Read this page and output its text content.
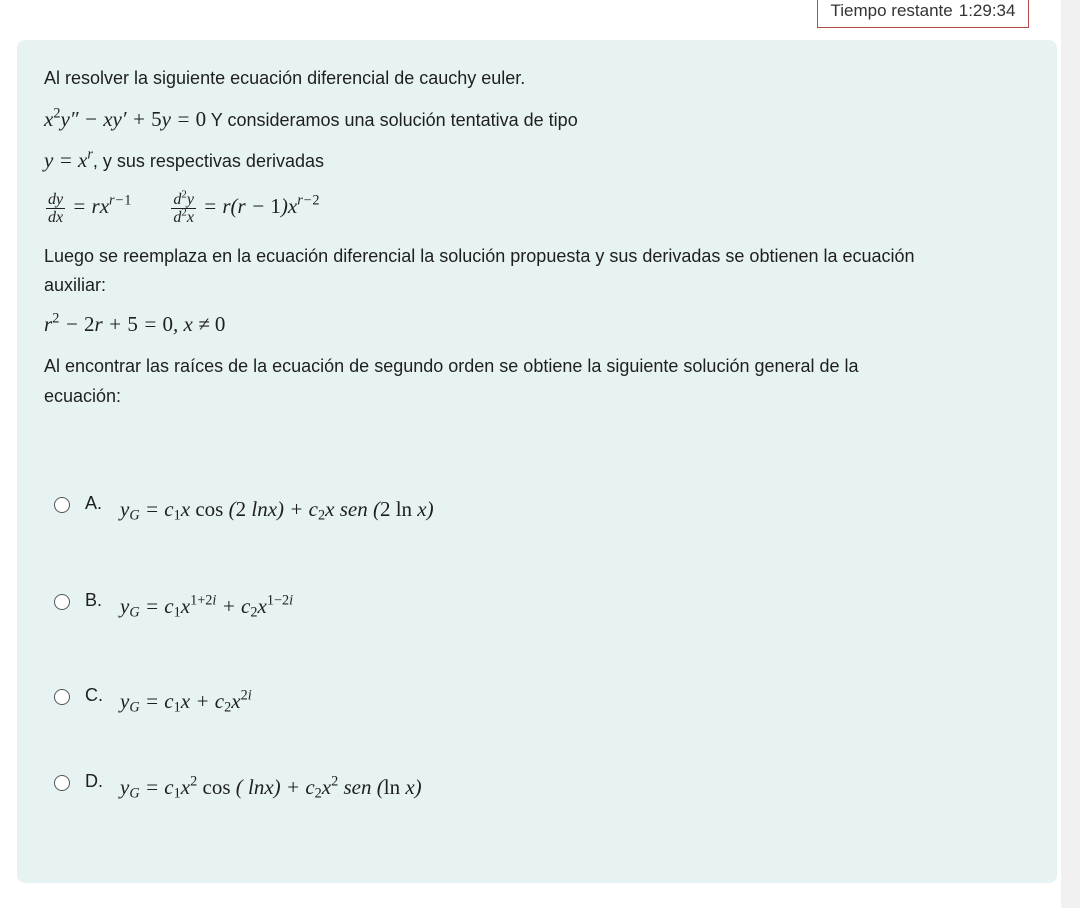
Tiempo restante 1:29:34
Al resolver la siguiente ecuación diferencial de cauchy euler.
$x^2y'' - xy' + 5y = 0$ Y consideramos una solución tentativa de tipo
$y = x^r$, y sus respectivas derivadas
$\frac{dy}{dx} = rx^{r-1}$	$\frac{d^2y}{d^2x} = r(r - 1)x^{r-2}$
Luego se reemplaza en la ecuación diferencial la solución propuesta y sus derivadas se obtienen la ecuación
auxiliar:
$r^2 - 2r + 5 = 0$, x ≠ 0
Al encontrar las raíces de la ecuación de segundo orden se obtiene la siguiente solución general de la
ecuación:
A. $y_G = c_1x$ cos (2 $\ln x) + c_2x$ sen (2 ln x)
B. $y_G = c_1x^{1+2i} + c_2x^{1-2i}$
C. $y_G = c_1x + c_2x^{2i}$
D. $y_G = c_1x^2$ cos ( $\ln x) + c_2x^2$ sen (ln x)
